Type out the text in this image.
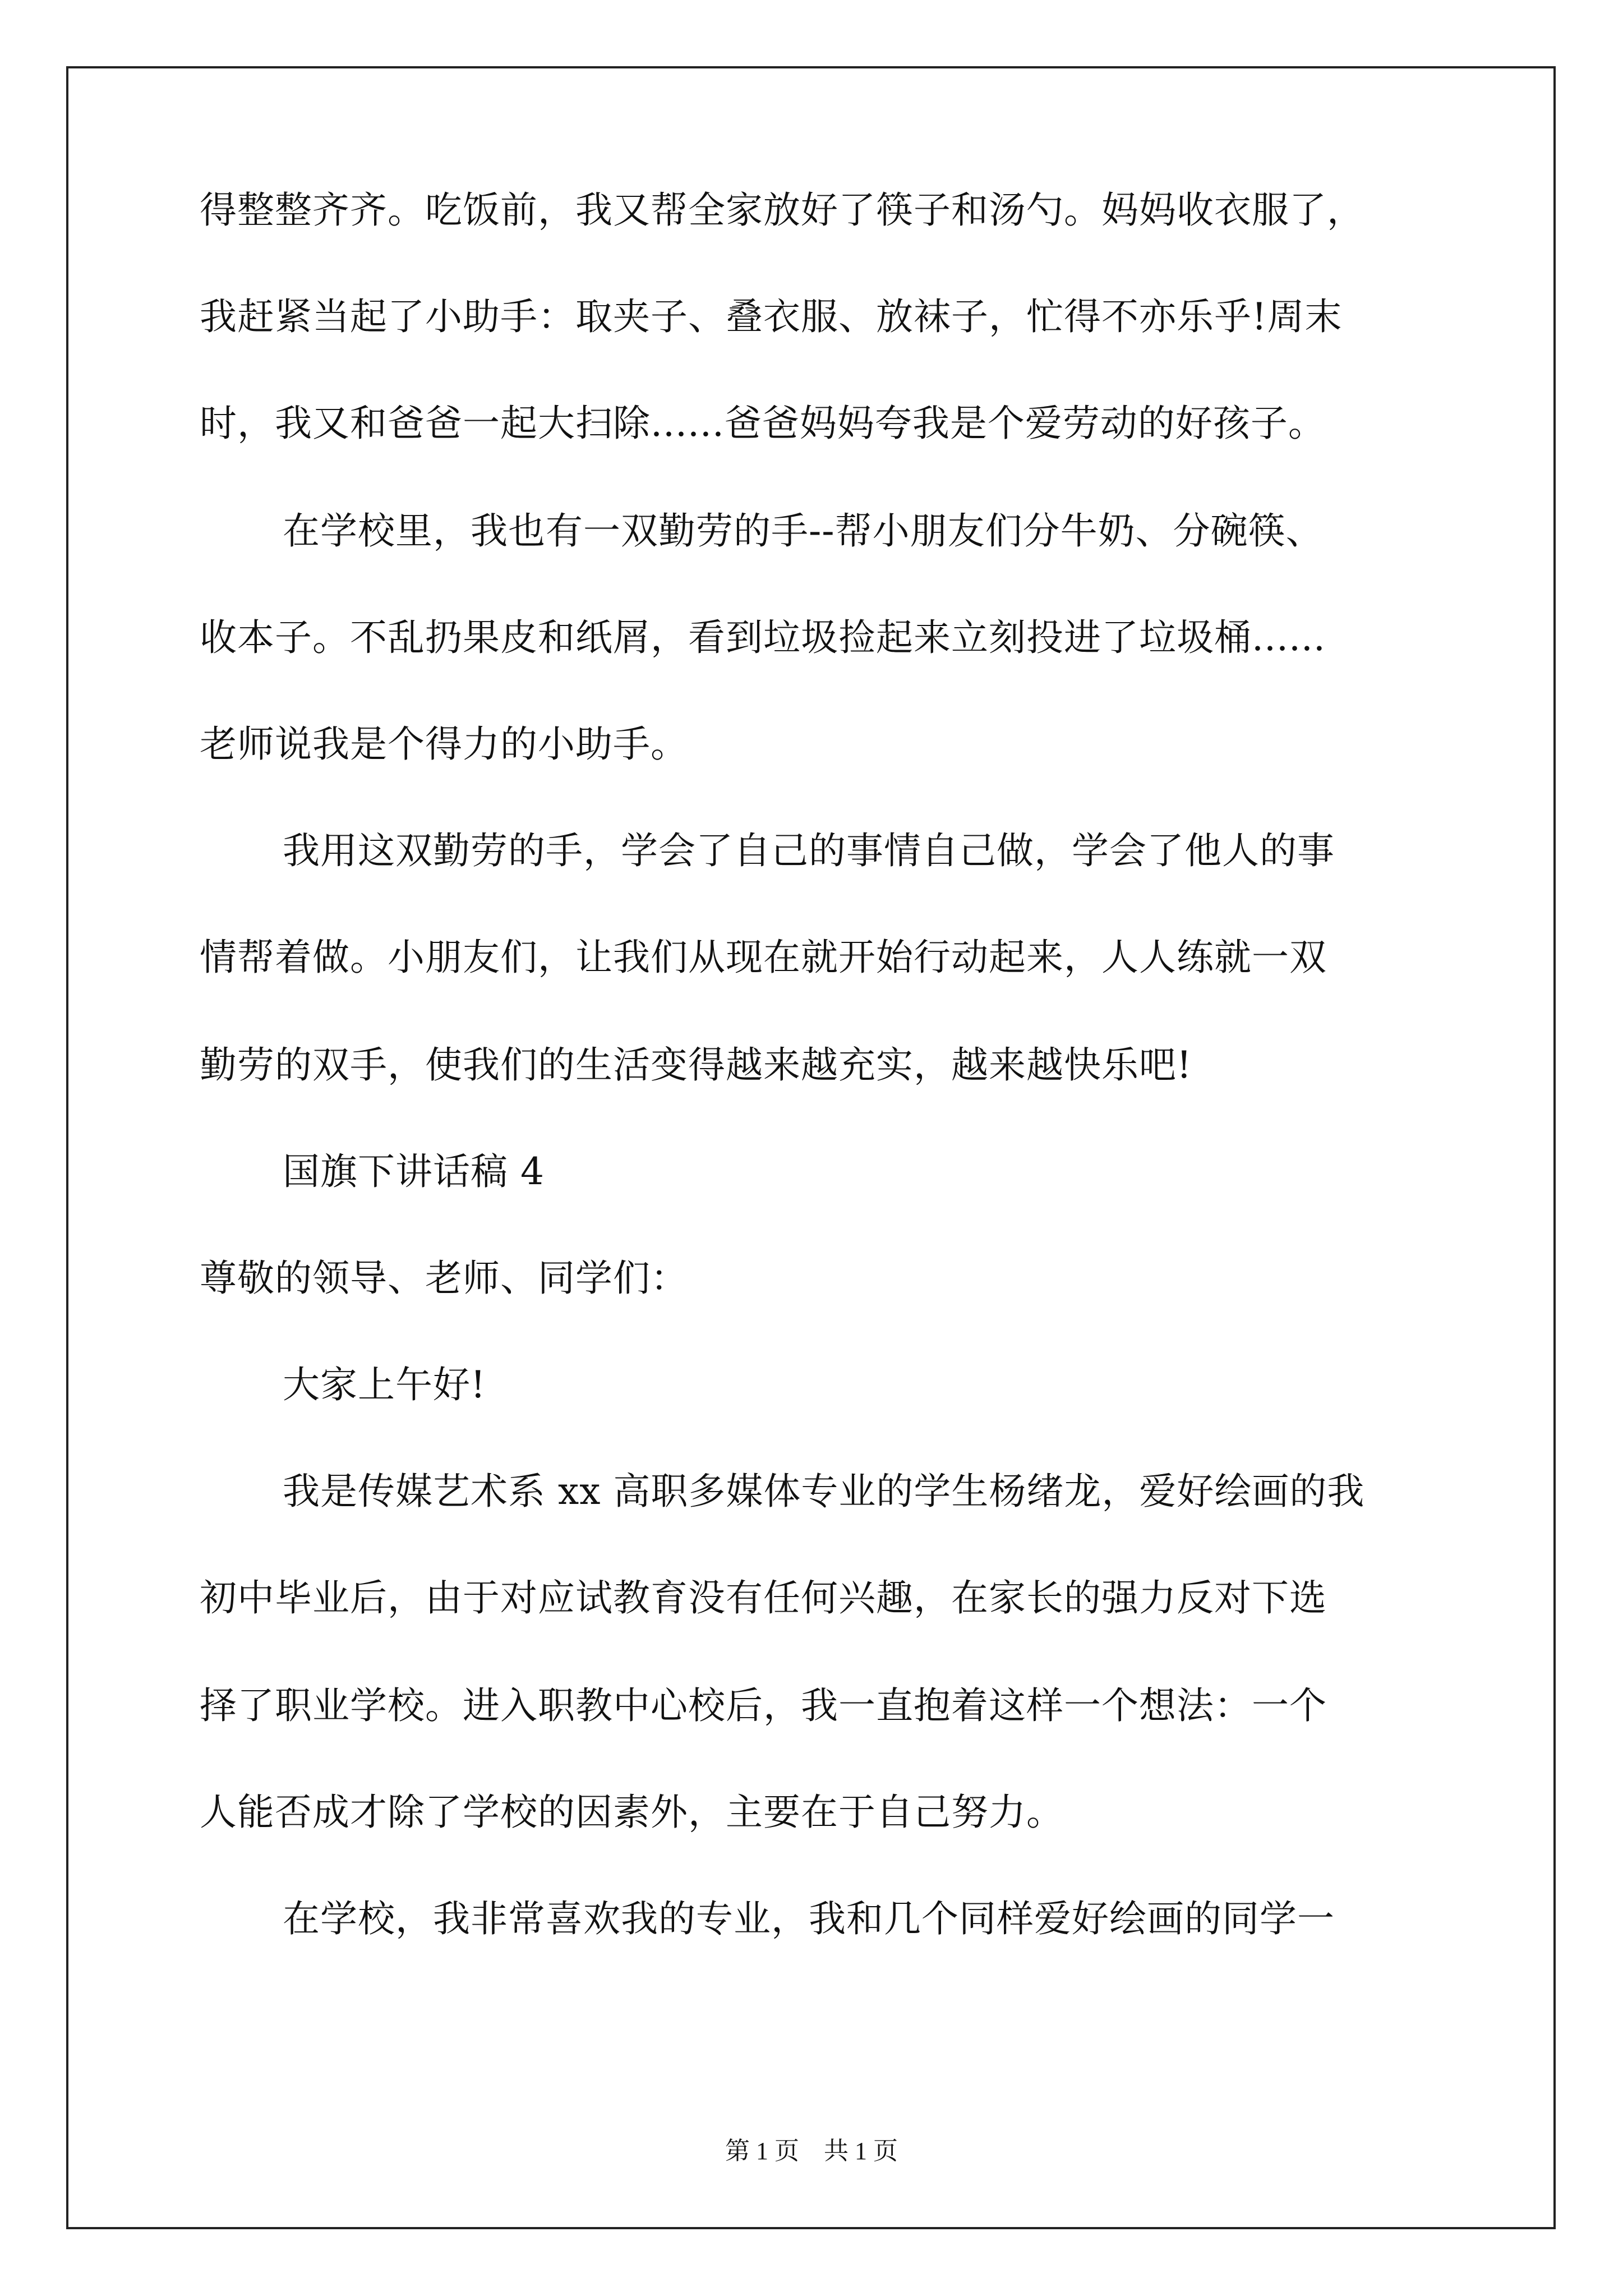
得整整齐齐。吃饭前，我又帮全家放好了筷子和汤勺。妈妈收衣服了，
我赶紧当起了小助手：取夹子、叠衣服、放袜子，忙得不亦乐乎!周末
时，我又和爸爸一起大扫除......爸爸妈妈夸我是个爱劳动的好孩子。
在学校里，我也有一双勤劳的手--帮小朋友们分牛奶、分碗筷、
收本子。不乱扔果皮和纸屑，看到垃圾捡起来立刻投进了垃圾桶......
老师说我是个得力的小助手。
我用这双勤劳的手，学会了自己的事情自己做，学会了他人的事
情帮着做。小朋友们，让我们从现在就开始行动起来，人人练就一双
勤劳的双手，使我们的生活变得越来越充实，越来越快乐吧!
国旗下讲话稿 4
尊敬的领导、老师、同学们：
大家上午好!
我是传媒艺术系 xx 高职多媒体专业的学生杨绪龙，爱好绘画的我
初中毕业后，由于对应试教育没有任何兴趣，在家长的强力反对下选
择了职业学校。进入职教中心校后，我一直抱着这样一个想法：一个
人能否成才除了学校的因素外，主要在于自己努力。
在学校，我非常喜欢我的专业，我和几个同样爱好绘画的同学一
第 1 页　共 1 页
